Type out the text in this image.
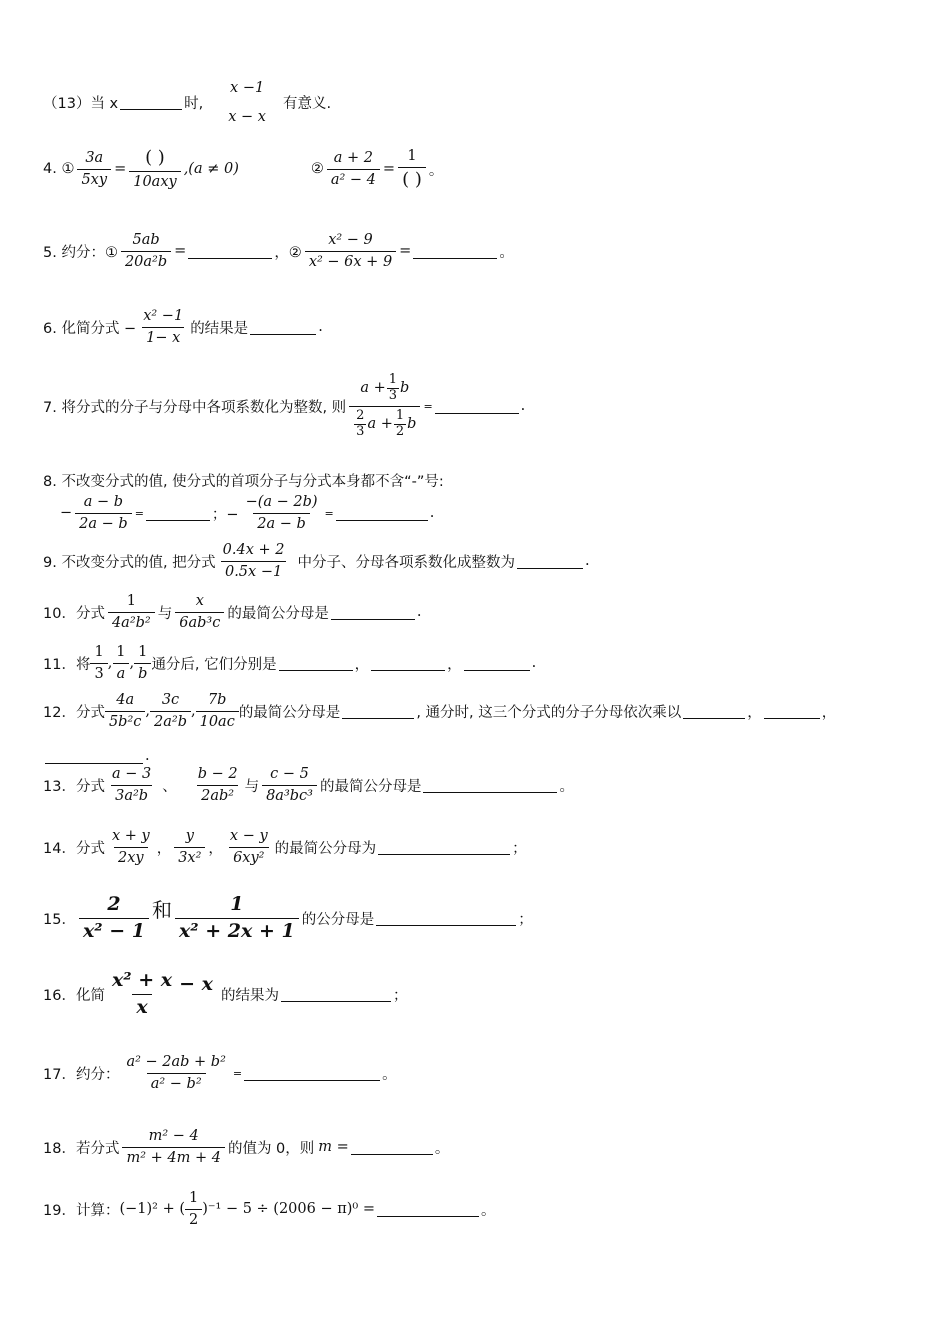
（13）当 x	时,
x −1
x − x
有意义.
4. ① $\frac{3a}{5xy} = \frac{( )}{\text{10axy}} ,(a \ne 0)$	② $\frac{a + 2}{\text{a² − 4}} = \frac{1}{( )}$ 。
5. 约分：① $\frac{5ab}{\text{20a²b}}$ =	，② $\frac{\text{x² − 9}}{\text{x² − 6x + 9}}$ =	。
6. 化简分式 − $\frac{\text{x² −1}}{1- x}$ 的结果是	.
7. 将分式的分子与分母中各项系数化为整数, 则 $\frac{a + \frac{1}{3} b}{\frac{2}{3} a + \frac{1}{2} b}$ =	.
8. 不改变分式的值, 使分式的首项分子与分式本身都不含“-”号:
− $\frac{a - b}{2a - b}$ =	；− $\frac{-(a - 2b)}{2a - b}$ =	.
9. 不改变分式的值, 把分式 $\frac{0.4x + 2}{0.5x -1}$ 中分子、分母各项系数化成整数为	.
10．分式 $\frac{1}{\text{4a²b²}}$ 与 $\frac{x}{\text{6ab³c}}$ 的最简公分母是	.
11．将 $\frac{1}{3}$ , $\frac{1}{a}$ , $\frac{1}{b}$ 通分后, 它们分别是	，	，	.
12．分式 $\frac{4a}{\text{5b²c}}$ , $\frac{3c}{\text{2a²b}}$ , $\frac{7b}{10ac}$ 的最简公分母是	, 通分时, 这三个分式的分子分母依次乘以	，	，
.
13．分式 $\frac{a - 3}{\text{3a²b}}$ 、 $\frac{b - 2}{\text{2ab²}}$ 与 $\frac{c - 5}{\text{8a³bc³}}$ 的最简公分母是	。
14．分式 $\frac{x + y}{2xy}$ ， $\frac{y}{\text{3x²}}$ ， $\frac{x - y}{\text{6xy²}}$ 的最简公分母为	；
15． $\frac{2}{\text{x² − 1}}$ 和 $\frac{1}{\text{x² + 2x + 1}}$ 的公分母是	；
16．化简 $\frac{\text{x² + x}}{x} - x$
的结果为	；
17．约分： $\frac{\text{a² − 2ab + b²}}{\text{a² − b²}}$ =	。
18．若分式 $\frac{\text{m² − 4}}{\text{m² + 4m + 4}}$ 的值为 0，则 m =	。
19．计算： (−1)² + ( $\frac{1}{2} )^{-1} - 5 \div (2006 - \pi)^0$ =	。
